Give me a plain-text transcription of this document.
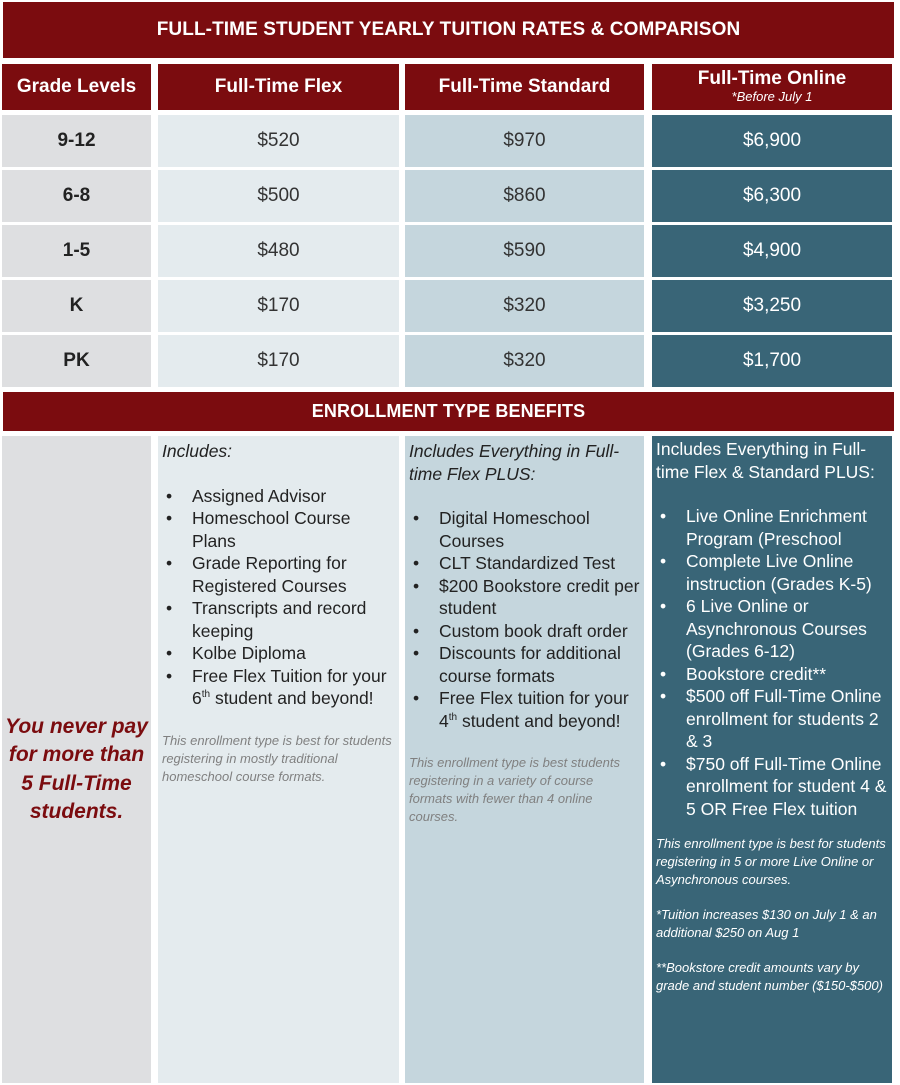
FULL-TIME STUDENT YEARLY TUITION RATES & COMPARISON
Grade Levels	Full-Time Flex	Full-Time Standard	Full-Time Online
*Before July 1
9-12	$520	$970	$6,900
6-8	$500	$860	$6,300
1-5	$480	$590	$4,900
K	$170	$320	$3,250
PK	$170	$320	$1,700
ENROLLMENT TYPE BENEFITS
You never pay for more than 5 Full-Time students.
Includes:
• Assigned Advisor
• Homeschool Course Plans
• Grade Reporting for Registered Courses
• Transcripts and record keeping
• Kolbe Diploma
• Free Flex Tuition for your 6th student and beyond!
This enrollment type is best for students registering in mostly traditional homeschool course formats.
Includes Everything in Full-time Flex PLUS:
• Digital Homeschool Courses
• CLT Standardized Test
• $200 Bookstore credit per student
• Custom book draft order
• Discounts for additional course formats
• Free Flex tuition for your 4th student and beyond!
This enrollment type is best students registering in a variety of course formats with fewer than 4 online courses.
Includes Everything in Full-time Flex & Standard PLUS:
• Live Online Enrichment Program (Preschool
• Complete Live Online instruction (Grades K-5)
• 6 Live Online or Asynchronous Courses (Grades 6-12)
• Bookstore credit**
• $500 off Full-Time Online enrollment for students 2 & 3
• $750 off Full-Time Online enrollment for student 4 & 5 OR Free Flex tuition
This enrollment type is best for students registering in 5 or more Live Online or Asynchronous courses.
*Tuition increases $130 on July 1 & an additional $250 on Aug 1
**Bookstore credit amounts vary by grade and student number ($150-$500)
